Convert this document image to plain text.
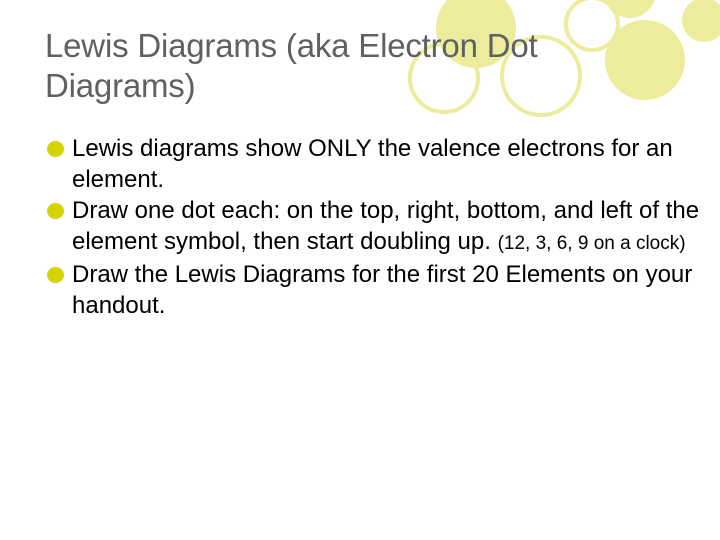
Lewis Diagrams (aka Electron Dot
Diagrams)
Lewis diagrams show ONLY the valence electrons for an element.
Draw one dot each: on the top, right, bottom, and left of the element symbol, then start doubling up. (12, 3, 6, 9 on a clock)
Draw the Lewis Diagrams for the first 20 Elements on your handout.
